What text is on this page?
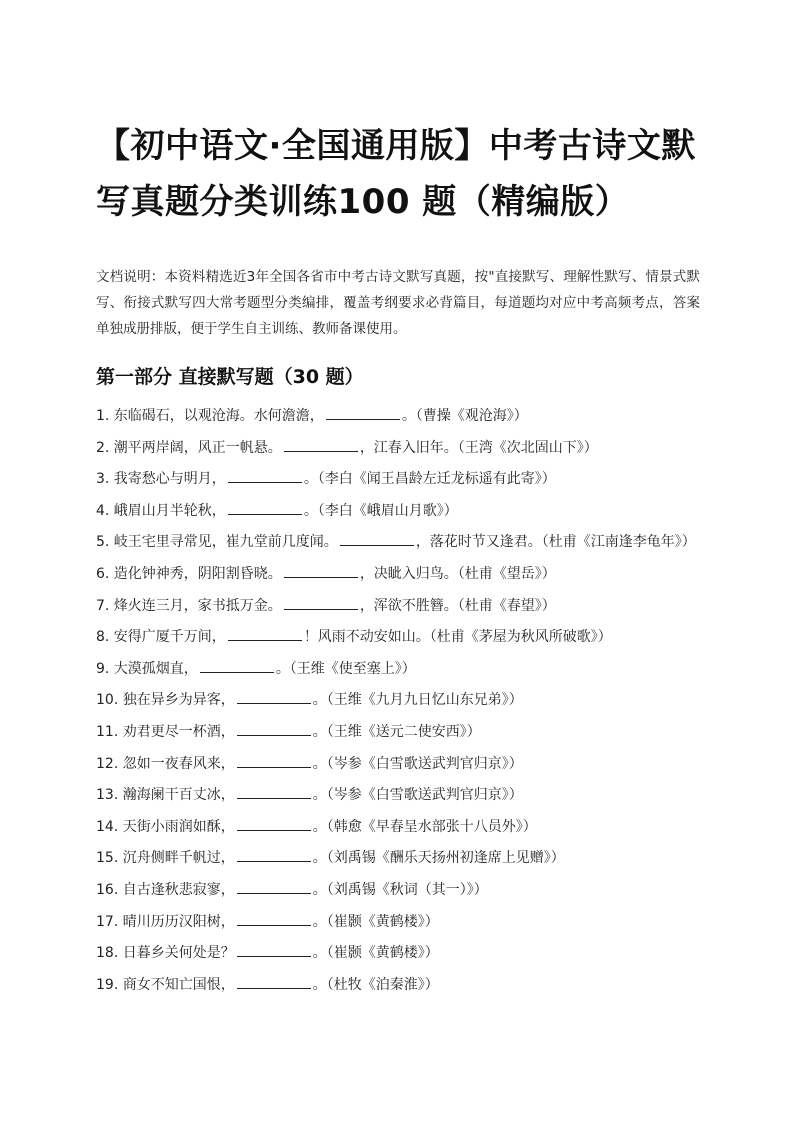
【初中语文·全国通用版】中考古诗文默写真题分类训练100 题（精编版）

文档说明：本资料精选近3年全国各省市中考古诗文默写真题，按"直接默写、理解性默写、情景式默写、衔接式默写四大常考题型分类编排，覆盖考纲要求必背篇目，每道题均对应中考高频考点，答案单独成册排版，便于学生自主训练、教师备课使用。

第一部分 直接默写题（30 题）
1. 东临碣石，以观沧海。水何澹澹，	。（曹操《观沧海》）
2. 潮平两岸阔，风正一帆悬。	，江春入旧年。（王湾《次北固山下》）
3. 我寄愁心与明月，	。（李白《闻王昌龄左迁龙标遥有此寄》）
4. 峨眉山月半轮秋，	。（李白《峨眉山月歌》）
5. 岐王宅里寻常见，崔九堂前几度闻。	，落花时节又逢君。（杜甫《江南逢李龟年》）
6. 造化钟神秀，阴阳割昏晓。	，决眦入归鸟。（杜甫《望岳》）
7. 烽火连三月，家书抵万金。	，浑欲不胜簪。（杜甫《春望》）
8. 安得广厦千万间，	！风雨不动安如山。（杜甫《茅屋为秋风所破歌》）
9. 大漠孤烟直，	。（王维《使至塞上》）
10. 独在异乡为异客，	。（王维《九月九日忆山东兄弟》）
11. 劝君更尽一杯酒，	。（王维《送元二使安西》）
12. 忽如一夜春风来，	。（岑参《白雪歌送武判官归京》）
13. 瀚海阑干百丈冰，	。（岑参《白雪歌送武判官归京》）
14. 天街小雨润如酥，	。（韩愈《早春呈水部张十八员外》）
15. 沉舟侧畔千帆过，	。（刘禹锡《酬乐天扬州初逢席上见赠》）
16. 自古逢秋悲寂寥，	。（刘禹锡《秋词（其一）》）
17. 晴川历历汉阳树，	。（崔颢《黄鹤楼》）
18. 日暮乡关何处是？	。（崔颢《黄鹤楼》）
19. 商女不知亡国恨，	。（杜牧《泊秦淮》）
